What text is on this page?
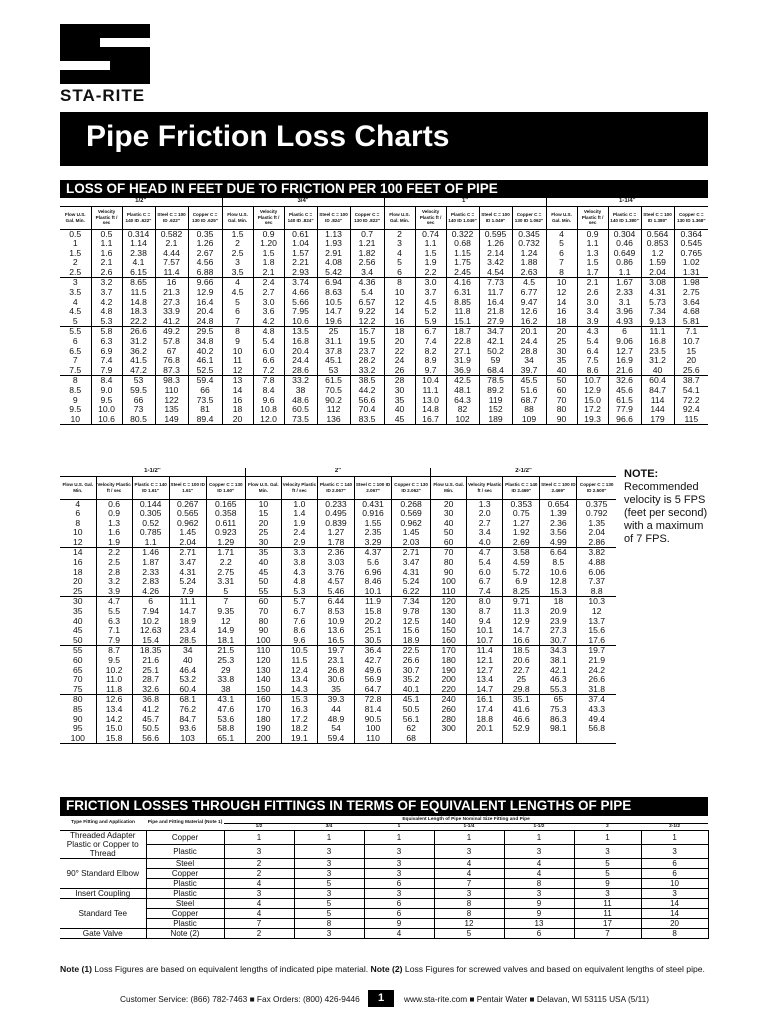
STA-RITE
Pipe Friction Loss Charts
LOSS OF HEAD IN FEET DUE TO FRICTION PER 100 FEET OF PIPE
1/2"					3/4"					1"					1-1/4"				
Flow U.S. Gal. Min.	Velocity Plastic ft / sec	Plastic C = 140 ID .622"	Steel C = 100 ID .622"	Copper C = 130 ID .625"	Flow U.S. Gal. Min.	Velocity Plastic ft / sec	Plastic C = 140 ID .824"	Steel C = 100 ID .824"	Copper C = 130 ID .822"	Flow U.S. Gal. Min.	Velocity Plastic ft / sec	Plastic C = 140 ID 1.049"	Steel C = 100 ID 1.049"	Copper C = 130 ID 1.062"	Flow U.S. Gal. Min.	Velocity Plastic ft / sec	Plastic C = 140 ID 1.380"	Steel C = 100 ID 1.380"	Copper C = 130 ID 1.368"
0.5	0.5	0.314	0.582	0.35	1.5	0.9	0.61	1.13	0.7	2	0.74	0.322	0.595	0.345	4	0.9	0.304	0.564	0.364
1	1.1	1.14	2.1	1.26	2	1.20	1.04	1.93	1.21	3	1.1	0.68	1.26	0.732	5	1.1	0.46	0.853	0.545
1.5	1.6	2.38	4.44	2.67	2.5	1.5	1.57	2.91	1.82	4	1.5	1.15	2.14	1.24	6	1.3	0.649	1.2	0.765
2	2.1	4.1	7.57	4.56	3	1.8	2.21	4.08	2.56	5	1.9	1.75	3.42	1.88	7	1.5	0.86	1.59	1.02
2.5	2.6	6.15	11.4	6.88	3.5	2.1	2.93	5.42	3.4	6	2.2	2.45	4.54	2.63	8	1.7	1.1	2.04	1.31
3	3.2	8.65	16	9.66	4	2.4	3.74	6.94	4.36	8	3.0	4.16	7.73	4.5	10	2.1	1.67	3.08	1.98
3.5	3.7	11.5	21.3	12.9	4.5	2.7	4.66	8.63	5.4	10	3.7	6.31	11.7	6.77	12	2.6	2.33	4.31	2.75
4	4.2	14.8	27.3	16.4	5	3.0	5.66	10.5	6.57	12	4.5	8.85	16.4	9.47	14	3.0	3.1	5.73	3.64
4.5	4.8	18.3	33.9	20.4	6	3.6	7.95	14.7	9.22	14	5.2	11.8	21.8	12.6	16	3.4	3.96	7.34	4.68
5	5.3	22.2	41.2	24.8	7	4.2	10.6	19.6	12.2	16	5.9	15.1	27.9	16.2	18	3.9	4.93	9.13	5.81
5.5	5.8	26.6	49.2	29.5	8	4.8	13.5	25	15.7	18	6.7	18.7	34.7	20.1	20	4.3	6	11.1	7.1
6	6.3	31.2	57.8	34.8	9	5.4	16.8	31.1	19.5	20	7.4	22.8	42.1	24.4	25	5.4	9.06	16.8	10.7
6.5	6.9	36.2	67	40.2	10	6.0	20.4	37.8	23.7	22	8.2	27.1	50.2	28.8	30	6.4	12.7	23.5	15
7	7.4	41.5	76.8	46.1	11	6.6	24.4	45.1	28.2	24	8.9	31.9	59	34	35	7.5	16.9	31.2	20
7.5	7.9	47.2	87.3	52.5	12	7.2	28.6	53	33.2	26	9.7	36.9	68.4	39.7	40	8.6	21.6	40	25.6
8	8.4	53	98.3	59.4	13	7.8	33.2	61.5	38.5	28	10.4	42.5	78.5	45.5	50	10.7	32.6	60.4	38.7
8.5	9.0	59.5	110	66	14	8.4	38	70.5	44.2	30	11.1	48.1	89.2	51.6	60	12.9	45.6	84.7	54.1
9	9.5	66	122	73.5	16	9.6	48.6	90.2	56.6	35	13.0	64.3	119	68.7	70	15.0	61.5	114	72.2
9.5	10.0	73	135	81	18	10.8	60.5	112	70.4	40	14.8	82	152	88	80	17.2	77.9	144	92.4
10	10.6	80.5	149	89.4	20	12.0	73.5	136	83.5	45	16.7	102	189	109	90	19.3	96.6	179	115
1-1/2"					2"					2-1/2"				
Flow U.S. Gal. Min.	Velocity Plastic ft / sec	Plastic C = 140 ID 1.61"	Steel C = 100 ID 1.61"	Copper C = 130 ID 1.60"	Flow U.S. Gal. Min.	Velocity Plastic ft / sec	Plastic C = 140 ID 2.067"	Steel C = 100 ID 2.067"	Copper C = 130 ID 2.062"	Flow U.S. Gal. Min.	Velocity Plastic ft / sec	Plastic C = 140 ID 2.469"	Steel C = 100 ID 2.469"	Copper C = 130 ID 2.500"
4	0.6	0.144	0.267	0.165	10	1.0	0.233	0.431	0.268	20	1.3	0.353	0.654	0.375
6	0.9	0.305	0.565	0.358	15	1.4	0.495	0.916	0.569	30	2.0	0.75	1.39	0.792
8	1.3	0.52	0.962	0.611	20	1.9	0.839	1.55	0.962	40	2.7	1.27	2.36	1.35
10	1.6	0.785	1.45	0.923	25	2.4	1.27	2.35	1.45	50	3.4	1.92	3.56	2.04
12	1.9	1.1	2.04	1.29	30	2.9	1.78	3.29	2.03	60	4.0	2.69	4.99	2.86
14	2.2	1.46	2.71	1.71	35	3.3	2.36	4.37	2.71	70	4.7	3.58	6.64	3.82
16	2.5	1.87	3.47	2.2	40	3.8	3.03	5.6	3.47	80	5.4	4.59	8.5	4.88
18	2.8	2.33	4.31	2.75	45	4.3	3.76	6.96	4.31	90	6.0	5.72	10.6	6.06
20	3.2	2.83	5.24	3.31	50	4.8	4.57	8.46	5.24	100	6.7	6.9	12.8	7.37
25	3.9	4.26	7.9	5	55	5.3	5.46	10.1	6.22	110	7.4	8.25	15.3	8.8
30	4.7	6	11.1	7	60	5.7	6.44	11.9	7.34	120	8.0	9.71	18	10.3
35	5.5	7.94	14.7	9.35	70	6.7	8.53	15.8	9.78	130	8.7	11.3	20.9	12
40	6.3	10.2	18.9	12	80	7.6	10.9	20.2	12.5	140	9.4	12.9	23.9	13.7
45	7.1	12.63	23.4	14.9	90	8.6	13.6	25.1	15.6	150	10.1	14.7	27.3	15.6
50	7.9	15.4	28.5	18.1	100	9.6	16.5	30.5	18.9	160	10.7	16.6	30.7	17.6
55	8.7	18.35	34	21.5	110	10.5	19.7	36.4	22.5	170	11.4	18.5	34.3	19.7
60	9.5	21.6	40	25.3	120	11.5	23.1	42.7	26.6	180	12.1	20.6	38.1	21.9
65	10.2	25.1	46.4	29	130	12.4	26.8	49.6	30.7	190	12.7	22.7	42.1	24.2
70	11.0	28.7	53.2	33.8	140	13.4	30.6	56.9	35.2	200	13.4	25	46.3	26.6
75	11.8	32.6	60.4	38	150	14.3	35	64.7	40.1	220	14.7	29.8	55.3	31.8
80	12.6	36.8	68.1	43.1	160	15.3	39.3	72.8	45.1	240	16.1	35.1	65	37.4
85	13.4	41.2	76.2	47.6	170	16.3	44	81.4	50.5	260	17.4	41.6	75.3	43.3
90	14.2	45.7	84.7	53.6	180	17.2	48.9	90.5	56.1	280	18.8	46.6	86.3	49.4
95	15.0	50.5	93.6	58.8	190	18.2	54	100	62	300	20.1	52.9	98.1	56.8
100	15.8	56.6	103	65.1	200	19.1	59.4	110	68					
NOTE: Recommended velocity is 5 FPS (feet per second) with a maximum of 7 FPS.
FRICTION LOSSES THROUGH FITTINGS IN TERMS OF EQUIVALENT LENGTHS OF PIPE
Type Fitting and Application	Pipe and Fitting Material (Note 1)	Equivalent Length of Pipe Nominal Size Fitting and Pipe						
		1/2	3/4	1	1-1/4	1-1/2	2	2-1/2
Threaded Adapter Plastic or Copper to Thread	Copper	1	1	1	1	1	1	1
	Plastic	3	3	3	3	3	3	3
90° Standard Elbow	Steel	2	3	3	4	4	5	6
	Copper	2	3	3	4	4	5	6
	Plastic	4	5	6	7	8	9	10
Insert Coupling	Plastic	3	3	3	3	3	3	3
Standard Tee	Steel	4	5	6	8	9	11	14
	Copper	4	5	6	8	9	11	14
	Plastic	7	8	9	12	13	17	20
Gate Valve	Note (2)	2	3	4	5	6	7	8
Note (1) Loss Figures are based on equivalent lengths of indicated pipe material. Note (2) Loss Figures for screwed valves and based on equivalent lengths of steel pipe.
Customer Service: (866) 782-7463 ■ Fax Orders: (800) 426-9446	1	www.sta-rite.com ■ Pentair Water ■ Delavan, WI 53115 USA (5/11)
